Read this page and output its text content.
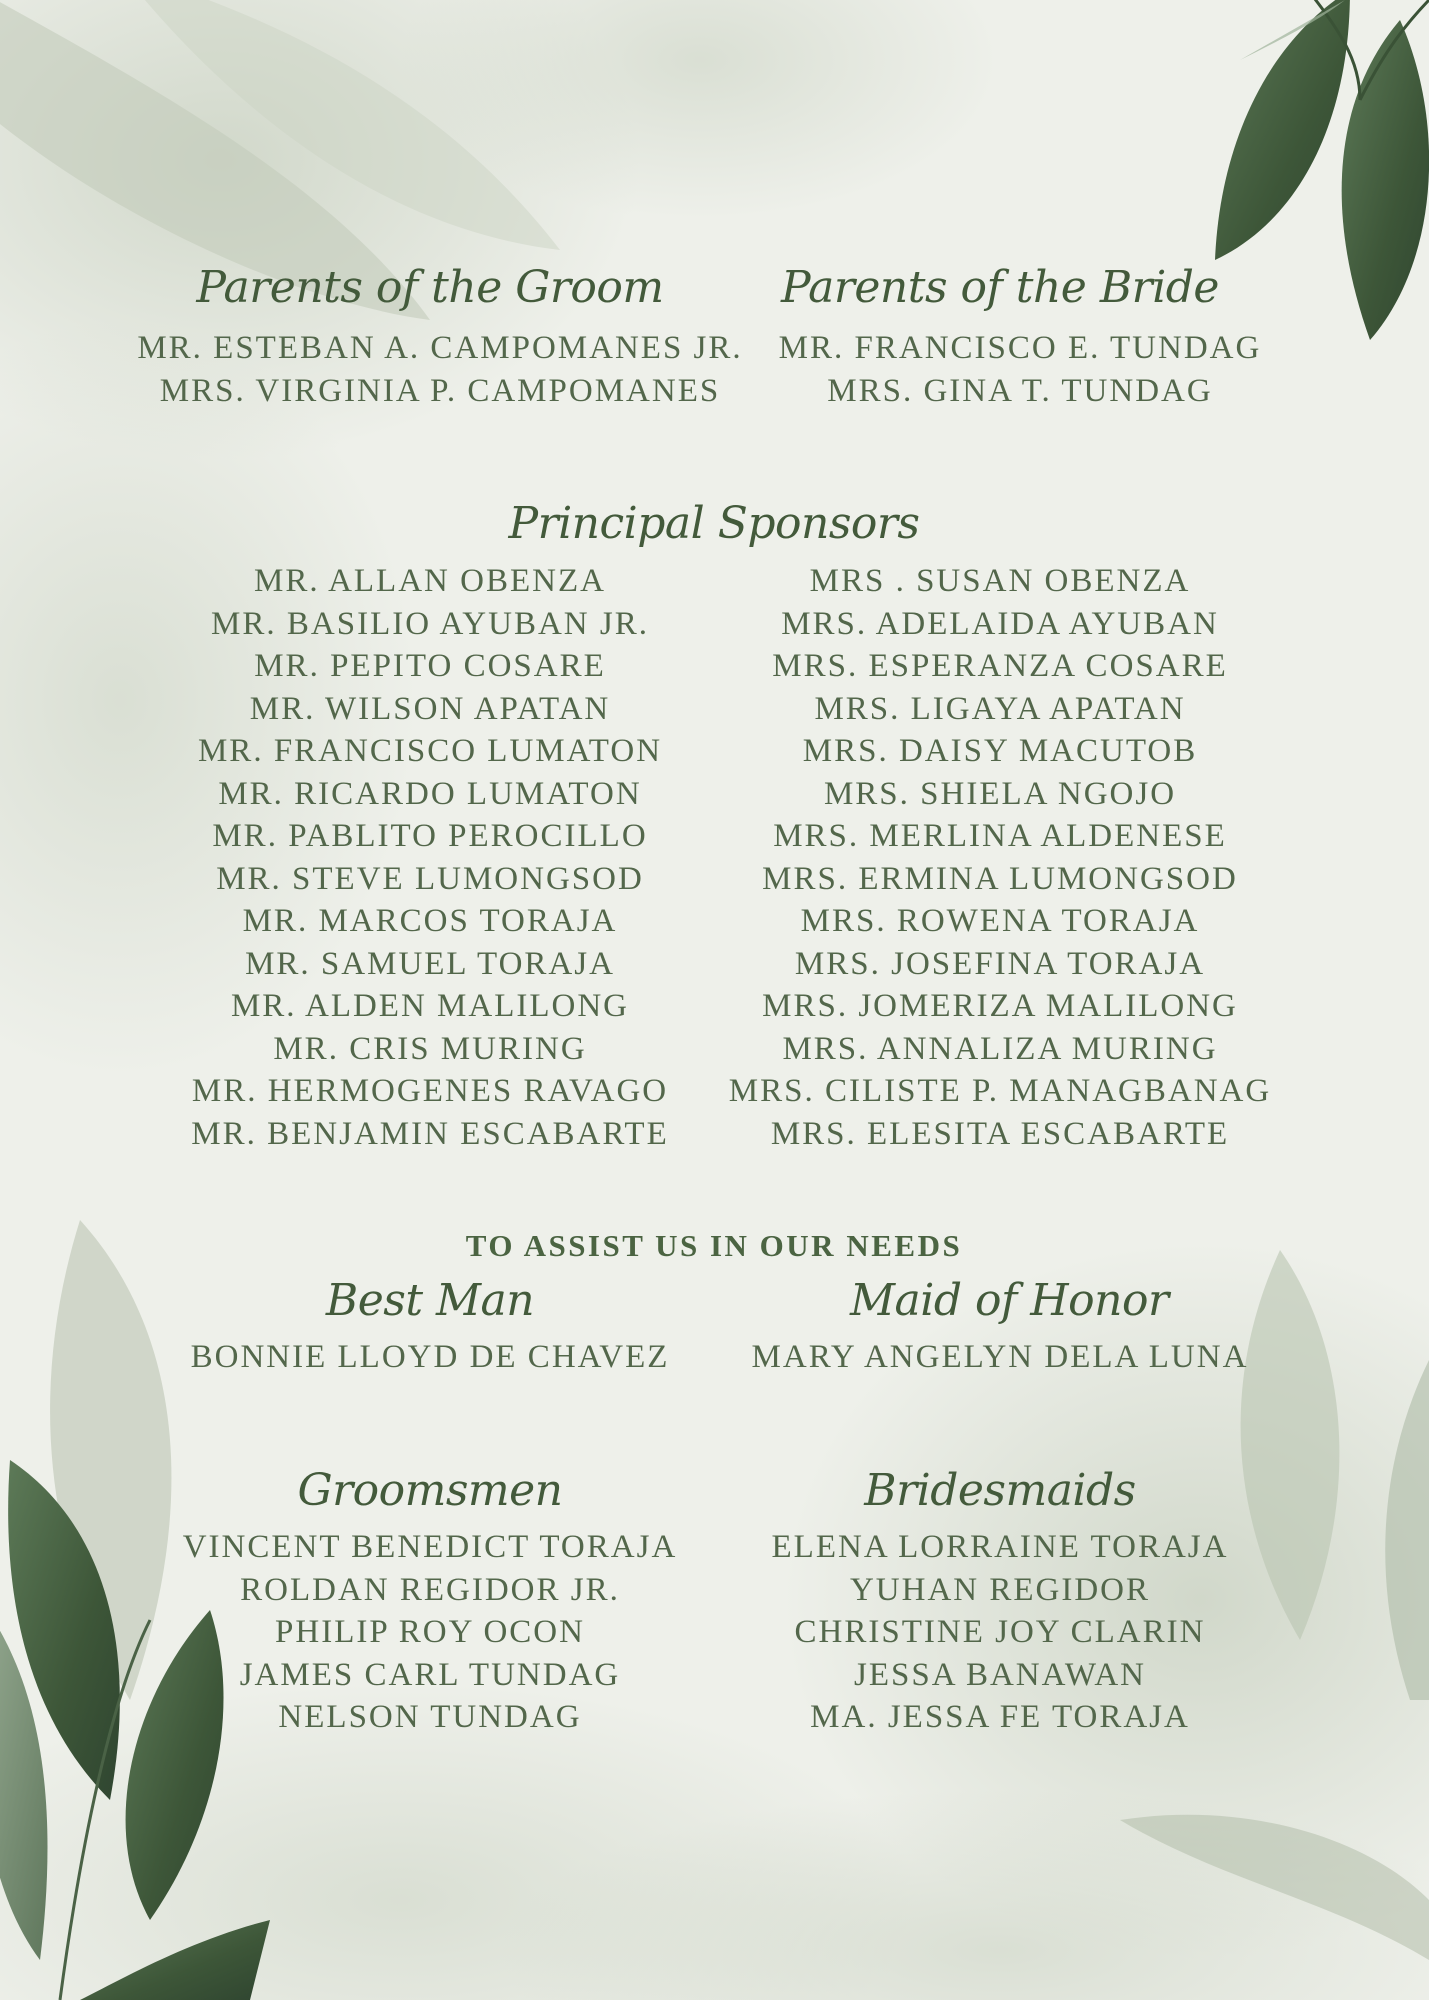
Parents of the Groom
MR. ESTEBAN A. CAMPOMANES JR.
MRS. VIRGINIA P. CAMPOMANES
Parents of the Bride
MR. FRANCISCO E. TUNDAG
MRS. GINA T. TUNDAG
Principal Sponsors
MR. ALLAN OBENZA
MR. BASILIO AYUBAN JR.
MR. PEPITO COSARE
MR. WILSON APATAN
MR. FRANCISCO LUMATON
MR. RICARDO LUMATON
MR. PABLITO PEROCILLO
MR. STEVE LUMONGSOD
MR. MARCOS TORAJA
MR. SAMUEL TORAJA
MR. ALDEN MALILONG
MR. CRIS MURING
MR. HERMOGENES RAVAGO
MR. BENJAMIN ESCABARTE
MRS . SUSAN OBENZA
MRS. ADELAIDA AYUBAN
MRS. ESPERANZA COSARE
MRS. LIGAYA APATAN
MRS. DAISY MACUTOB
MRS. SHIELA NGOJO
MRS. MERLINA ALDENESE
MRS. ERMINA LUMONGSOD
MRS. ROWENA TORAJA
MRS. JOSEFINA TORAJA
MRS. JOMERIZA MALILONG
MRS. ANNALIZA MURING
MRS. CILISTE P. MANAGBANAG
MRS. ELESITA ESCABARTE
TO ASSIST US IN OUR NEEDS
Best Man
BONNIE LLOYD DE CHAVEZ
Maid of Honor
MARY ANGELYN DELA LUNA
Groomsmen
VINCENT BENEDICT TORAJA
ROLDAN REGIDOR JR.
PHILIP ROY OCON
JAMES CARL TUNDAG
NELSON TUNDAG
Bridesmaids
ELENA LORRAINE TORAJA
YUHAN REGIDOR
CHRISTINE JOY CLARIN
JESSA BANAWAN
MA. JESSA FE TORAJA
